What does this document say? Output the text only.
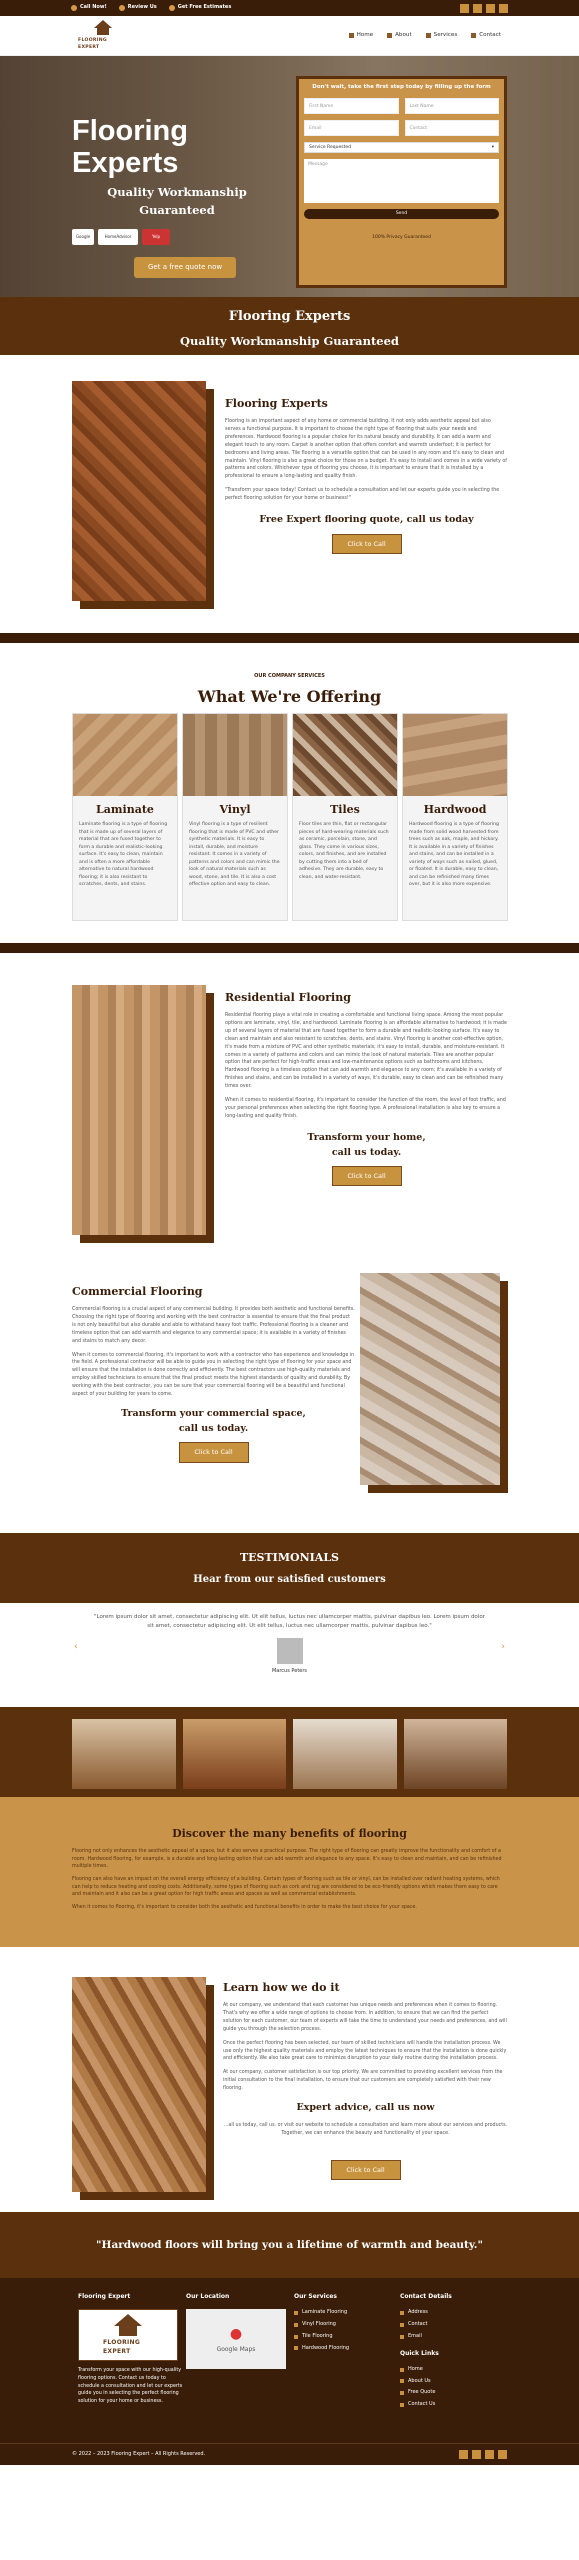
Call Now!	Review Us	Get Free Estimates
FLOORING EXPERT
Home	About	Services	Contact
Flooring Experts
Quality Workmanship Guaranteed
Google	HomeAdvisor	Yelp
Get a free quote now
Don't wait, take the first step today by filling up the form
First Name	Last Name
Email	Contact
Service Requested	▾
Message
Send
100% Privacy Guaranteed
Flooring Experts
Quality Workmanship Guaranteed
Flooring Experts

Flooring is an important aspect of any home or commercial building. It not only adds aesthetic appeal but also serves a functional purpose. It is important to choose the right type of flooring that suits your needs and preferences. Hardwood flooring is a popular choice for its natural beauty and durability. It can add a warm and elegant touch to any room. Carpet is another option that offers comfort and warmth underfoot; it is perfect for bedrooms and living areas. Tile flooring is a versatile option that can be used in any room and it's easy to clean and maintain. Vinyl flooring is also a great choice for those on a budget. It's easy to install and comes in a wide variety of patterns and colors. Whichever type of flooring you choose, it is important to ensure that it is installed by a professional to ensure a long-lasting and quality finish.

"Transform your space today! Contact us to schedule a consultation and let our experts guide you in selecting the perfect flooring solution for your home or business!"

Free Expert flooring quote, call us today
Click to Call
OUR COMPANY SERVICES
What We're Offering
Laminate

Laminate flooring is a type of flooring that is made up of several layers of material that are fused together to form a durable and realistic-looking surface. It's easy to clean, maintain and is often a more affordable alternative to natural hardwood flooring; it is also resistant to scratches, dents, and stains.

Vinyl

Vinyl flooring is a type of resilient flooring that is made of PVC and other synthetic materials. It is easy to install, durable, and moisture resistant. It comes in a variety of patterns and colors and can mimic the look of natural materials such as wood, stone, and tile. It is also a cost effective option and easy to clean.

Tiles

Floor tiles are thin, flat or rectangular pieces of hard-wearing materials such as ceramic, porcelain, stone, and glass. They come in various sizes, colors, and finishes, and are installed by cutting them into a bed of adhesive. They are durable, easy to clean, and water-resistant.

Hardwood

Hardwood flooring is a type of flooring made from solid wood harvested from trees such as oak, maple, and hickory. It is available in a variety of finishes and stains, and can be installed in a variety of ways such as nailed, glued, or floated. It is durable, easy to clean, and can be refinished many times over, but it is also more expensive.

Residential Flooring

Residential flooring plays a vital role in creating a comfortable and functional living space. Among the most popular options are laminate, vinyl, tile, and hardwood. Laminate flooring is an affordable alternative to hardwood; it is made up of several layers of material that are fused together to form a durable and realistic-looking surface. It's easy to clean and maintain and also resistant to scratches, dents, and stains. Vinyl flooring is another cost-effective option, it's made from a mixture of PVC and other synthetic materials; it's easy to install, durable, and moisture-resistant. It comes in a variety of patterns and colors and can mimic the look of natural materials. Tiles are another popular option that are perfect for high-traffic areas and low-maintenance options such as bathrooms and kitchens. Hardwood flooring is a timeless option that can add warmth and elegance to any room; it's available in a variety of finishes and stains, and can be installed in a variety of ways, it's durable, easy to clean and can be refinished many times over.

When it comes to residential flooring, it's important to consider the function of the room, the level of foot traffic, and your personal preferences when selecting the right flooring type. A professional installation is also key to ensure a long-lasting and quality finish.

Transform your home,
call us today.
Click to Call
Commercial Flooring

Commercial flooring is a crucial aspect of any commercial building. It provides both aesthetic and functional benefits. Choosing the right type of flooring and working with the best contractor is essential to ensure that the final product is not only beautiful but also durable and able to withstand heavy foot traffic. Professional flooring is a cleaner and timeless option that can add warmth and elegance to any commercial space; it is available in a variety of finishes and stains to match any decor.

When it comes to commercial flooring, it's important to work with a contractor who has experience and knowledge in the field. A professional contractor will be able to guide you in selecting the right type of flooring for your space and will ensure that the installation is done correctly and efficiently. The best contractors use high-quality materials and employ skilled technicians to ensure that the final product meets the highest standards of quality and durability. By working with the best contractor, you can be sure that your commercial flooring will be a beautiful and functional aspect of your building for years to come.

Transform your commercial space,
call us today.
Click to Call
TESTIMONIALS
Hear from our satisfied customers
‹	›

"Lorem ipsum dolor sit amet, consectetur adipiscing elit. Ut elit tellus, luctus nec ullamcorper mattis, pulvinar dapibus leo. Lorem ipsum dolor sit amet, consectetur adipiscing elit. Ut elit tellus, luctus nec ullamcorper mattis, pulvinar dapibus leo."

Marcus Peters
Discover the many benefits of flooring

Flooring not only enhances the aesthetic appeal of a space, but it also serves a practical purpose. The right type of flooring can greatly improve the functionality and comfort of a room. Hardwood flooring, for example, is a durable and long-lasting option that can add warmth and elegance to any space. It's easy to clean and maintain, and can be refinished multiple times.

Flooring can also have an impact on the overall energy efficiency of a building. Certain types of flooring such as tile or vinyl, can be installed over radiant heating systems, which can help to reduce heating and cooling costs. Additionally, some types of flooring such as cork and rug are considered to be eco-friendly options which makes them easy to care and maintain and it also can be a great option for high traffic areas and spaces as well as commercial establishments.

When it comes to flooring, it's important to consider both the aesthetic and functional benefits in order to make the best choice for your space.

Learn how we do it

At our company, we understand that each customer has unique needs and preferences when it comes to flooring. That's why we offer a wide range of options to choose from. In addition, to ensure that we can find the perfect solution for each customer, our team of experts will take the time to understand your needs and preferences, and will guide you through the selection process.

Once the perfect flooring has been selected, our team of skilled technicians will handle the installation process. We use only the highest quality materials and employ the latest techniques to ensure that the installation is done quickly and efficiently. We also take great care to minimize disruption to your daily routine during the installation process.

At our company, customer satisfaction is our top priority. We are committed to providing excellent services from the initial consultation to the final installation, to ensure that our customers are completely satisfied with their new flooring.

Expert advice, call us now

...all us today, call us. or visit our website to schedule a consultation and learn more about our services and products. Together, we can enhance the beauty and functionality of your space.

Click to Call
"Hardwood floors will bring you a lifetime of warmth and beauty."
Flooring Expert
FLOORING EXPERT

Transform your space with our high-quality flooring options. Contact us today to schedule a consultation and let our experts guide you in selecting the perfect flooring solution for your home or business.

Our Location
●
Google Maps
Our Services
Laminate Flooring
Vinyl Flooring
Tile Flooring
Hardwood Flooring
Contact Details
Address
Contact
Email
Quick Links
Home
About Us
Free Quote
Contact Us
© 2022 – 2023 Flooring Expert – All Rights Reserved.
